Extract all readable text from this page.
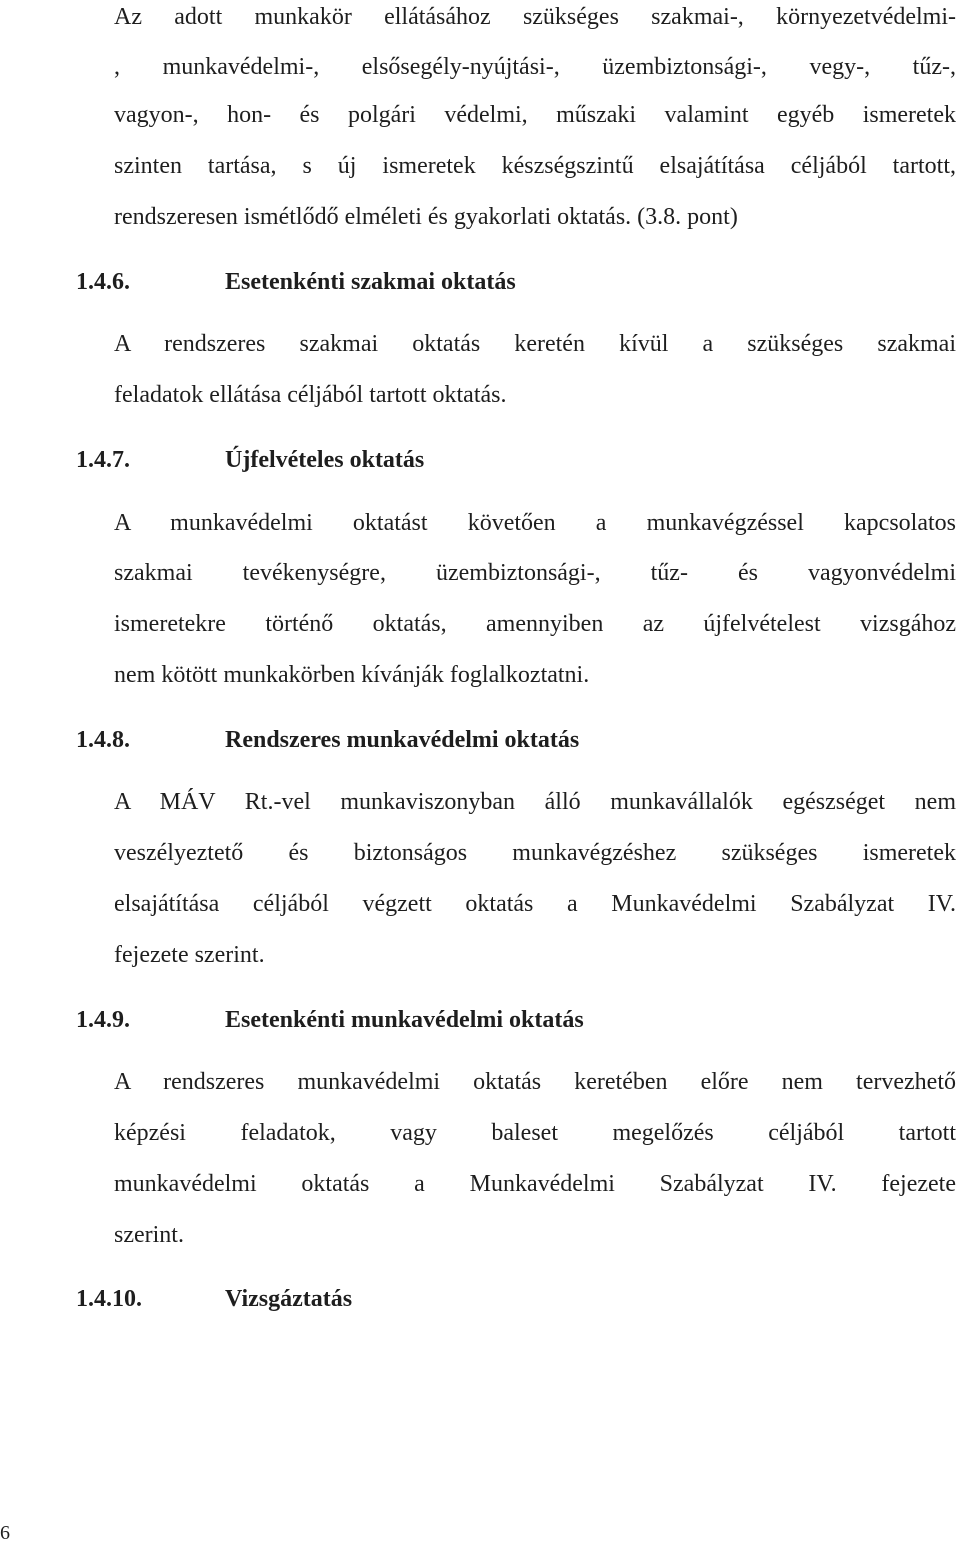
Az adott munkakör ellátásához szükséges szakmai-, környezetvédelmi-
, munkavédelmi-, elsősegély-nyújtási-, üzembiztonsági-, vegy-, tűz-,
vagyon-, hon- és polgári védelmi, műszaki valamint egyéb ismeretek
szinten tartása, s új ismeretek készségszintű elsajátítása céljából tartott,
rendszeresen ismétlődő elméleti és gyakorlati oktatás. (3.8. pont)
1.4.6.	Esetenkénti szakmai oktatás
A rendszeres szakmai oktatás keretén kívül a szükséges szakmai
feladatok ellátása céljából tartott oktatás.
1.4.7.	Újfelvételes oktatás
A munkavédelmi oktatást követően a munkavégzéssel kapcsolatos
szakmai tevékenységre, üzembiztonsági-, tűz- és vagyonvédelmi
ismeretekre történő oktatás, amennyiben az újfelvételest vizsgához
nem kötött munkakörben kívánják foglalkoztatni.
1.4.8.	Rendszeres munkavédelmi oktatás
A MÁV Rt.-vel munkaviszonyban álló munkavállalók egészséget nem
veszélyeztető és biztonságos munkavégzéshez szükséges ismeretek
elsajátítása céljából végzett oktatás a Munkavédelmi Szabályzat IV.
fejezete szerint.
1.4.9.	Esetenkénti munkavédelmi oktatás
A rendszeres munkavédelmi oktatás keretében előre nem tervezhető
képzési feladatok, vagy baleset megelőzés céljából tartott
munkavédelmi oktatás a Munkavédelmi Szabályzat IV. fejezete
szerint.
1.4.10.	Vizsgáztatás
6
